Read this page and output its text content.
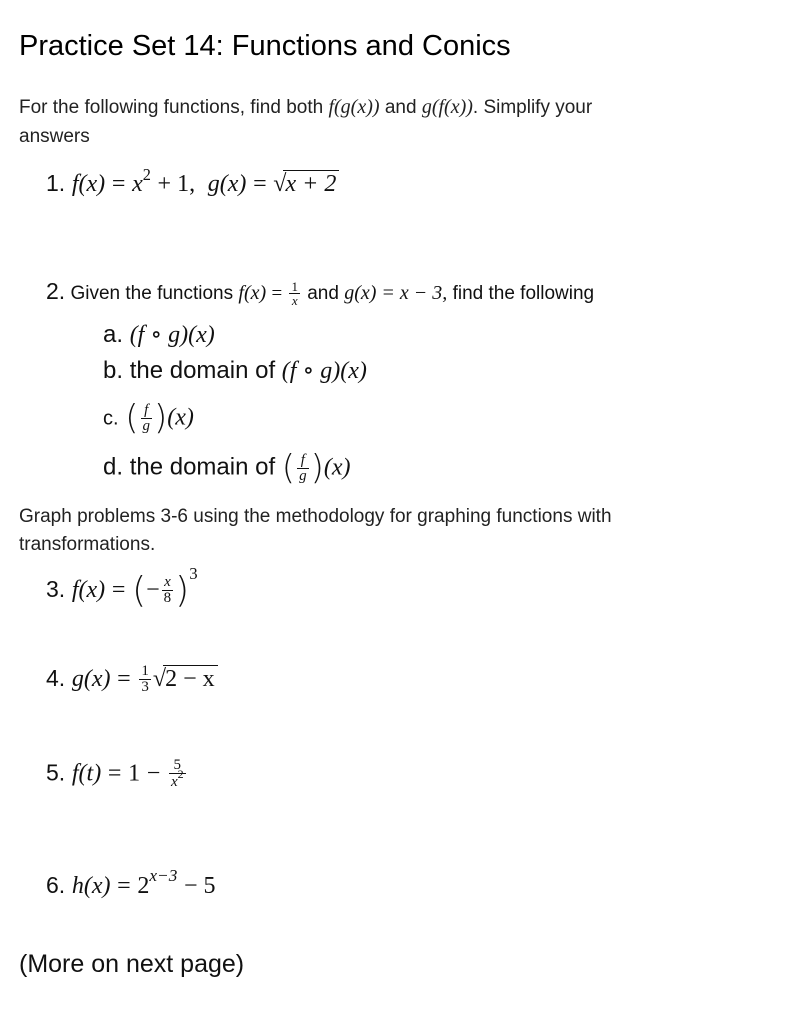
Practice Set 14: Functions and Conics
For the following functions, find both f(g(x)) and g(f(x)). Simplify your
answers
1. $f(x) = x^2 + 1$, g(x) = √x + 2
2. Given the functions $f(x) = \frac{1}{x}$ and g(x) = x − 3, find the following
a. (f ∘ g)(x)
b. the domain of (f ∘ g)(x)
c. ( $\frac{f}{g} )(x)$
d. the domain of ( $\frac{f}{g} )(x)$
Graph problems 3-6 using the methodology for graphing functions with
transformations.
3. f(x) = (− $\frac{x}{8} )^3$
4. $g(x) = \frac{1}{3} √2 - x$
5. $f(t) = 1 - \frac{5}{x^2}$
6. $h(x) = 2^{x-3} - 5$
(More on next page)
